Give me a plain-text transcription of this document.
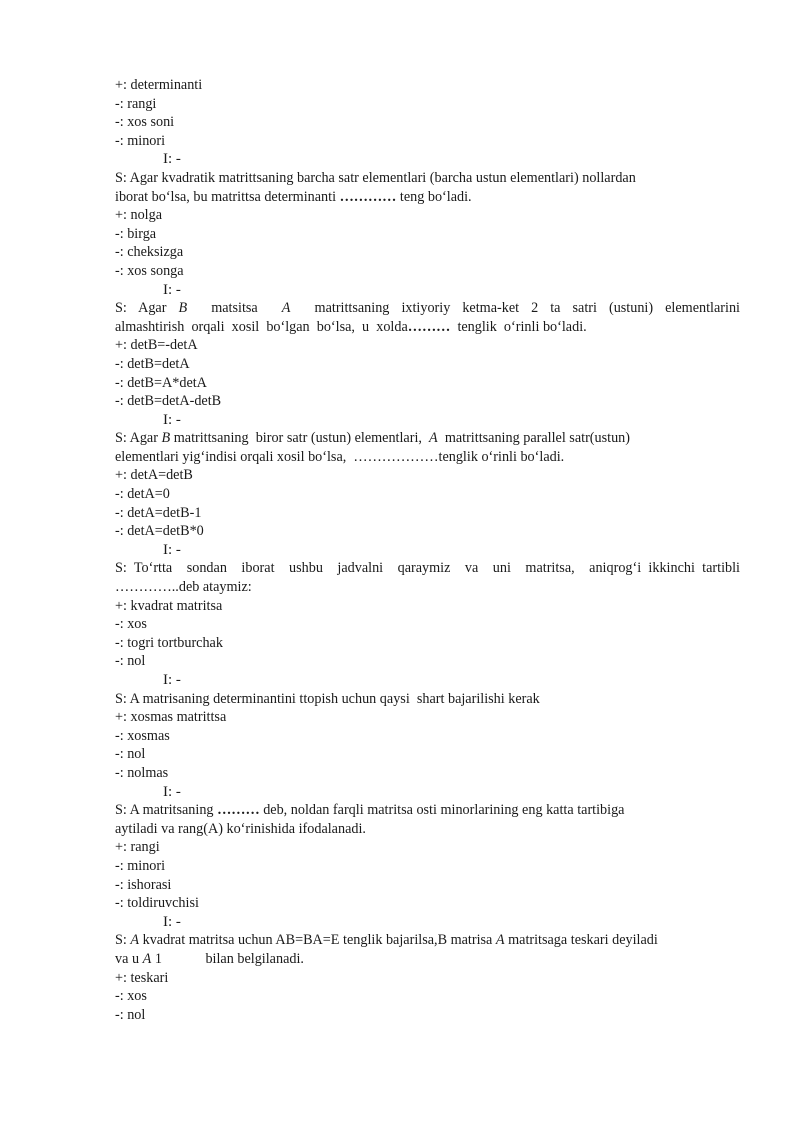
+: determinanti
-: rangi
-: xos soni
-: minori
I: -
S: Agar kvadratik matrittsaning barcha satr elementlari (barcha ustun elementlari) nollardan
iborat bo‘lsa, bu matrittsa determinanti ………… teng bo‘ladi.
+: nolga
-: birga
-: cheksizga
-: xos songa
I: -
S: Agar B  matsitsa  A  matrittsaning ixtiyoriy ketma-ket 2 ta satri (ustuni) elementlarini
almashtirish  orqali  xosil  bo‘lgan  bo‘lsa,  u  xolda………  tenglik  o‘rinli bo‘ladi.
+: detB=-detA
-: detB=detA
-: detB=A*detA
-: detB=detA-detB
I: -
S: Agar B matrittsaning  biror satr (ustun) elementlari,  A  matrittsaning parallel satr(ustun)
elementlari yig‘indisi orqali xosil bo‘lsa,  ………………tenglik o‘rinli bo‘ladi.
+: detA=detB
-: detA=0
-: detA=detB-1
-: detA=detB*0
I: -
S: To‘rtta  sondan  iborat  ushbu  jadvalni  qaraymiz  va  uni  matritsa,  aniqrog‘i ikkinchi tartibli
…………..deb ataymiz:
+: kvadrat matritsa
-: xos
-: togri tortburchak
-: nol
I: -
S: A matrisaning determinantini ttopish uchun qaysi  shart bajarilishi kerak
+: xosmas matrittsa
-: xosmas
-: nol
-: nolmas
I: -
S: A matritsaning ……… deb, noldan farqli matritsa osti minorlarining eng katta tartibiga
aytiladi va rang(A) ko‘rinishida ifodalanadi.
+: rangi
-: minori
-: ishorasi
-: toldiruvchisi
I: -
S: A kvadrat matritsa uchun AB=BA=E tenglik bajarilsa,B matrisa A matritsaga teskari deyiladi
va u A 1	bilan belgilanadi.
+: teskari
-: xos
-: nol
